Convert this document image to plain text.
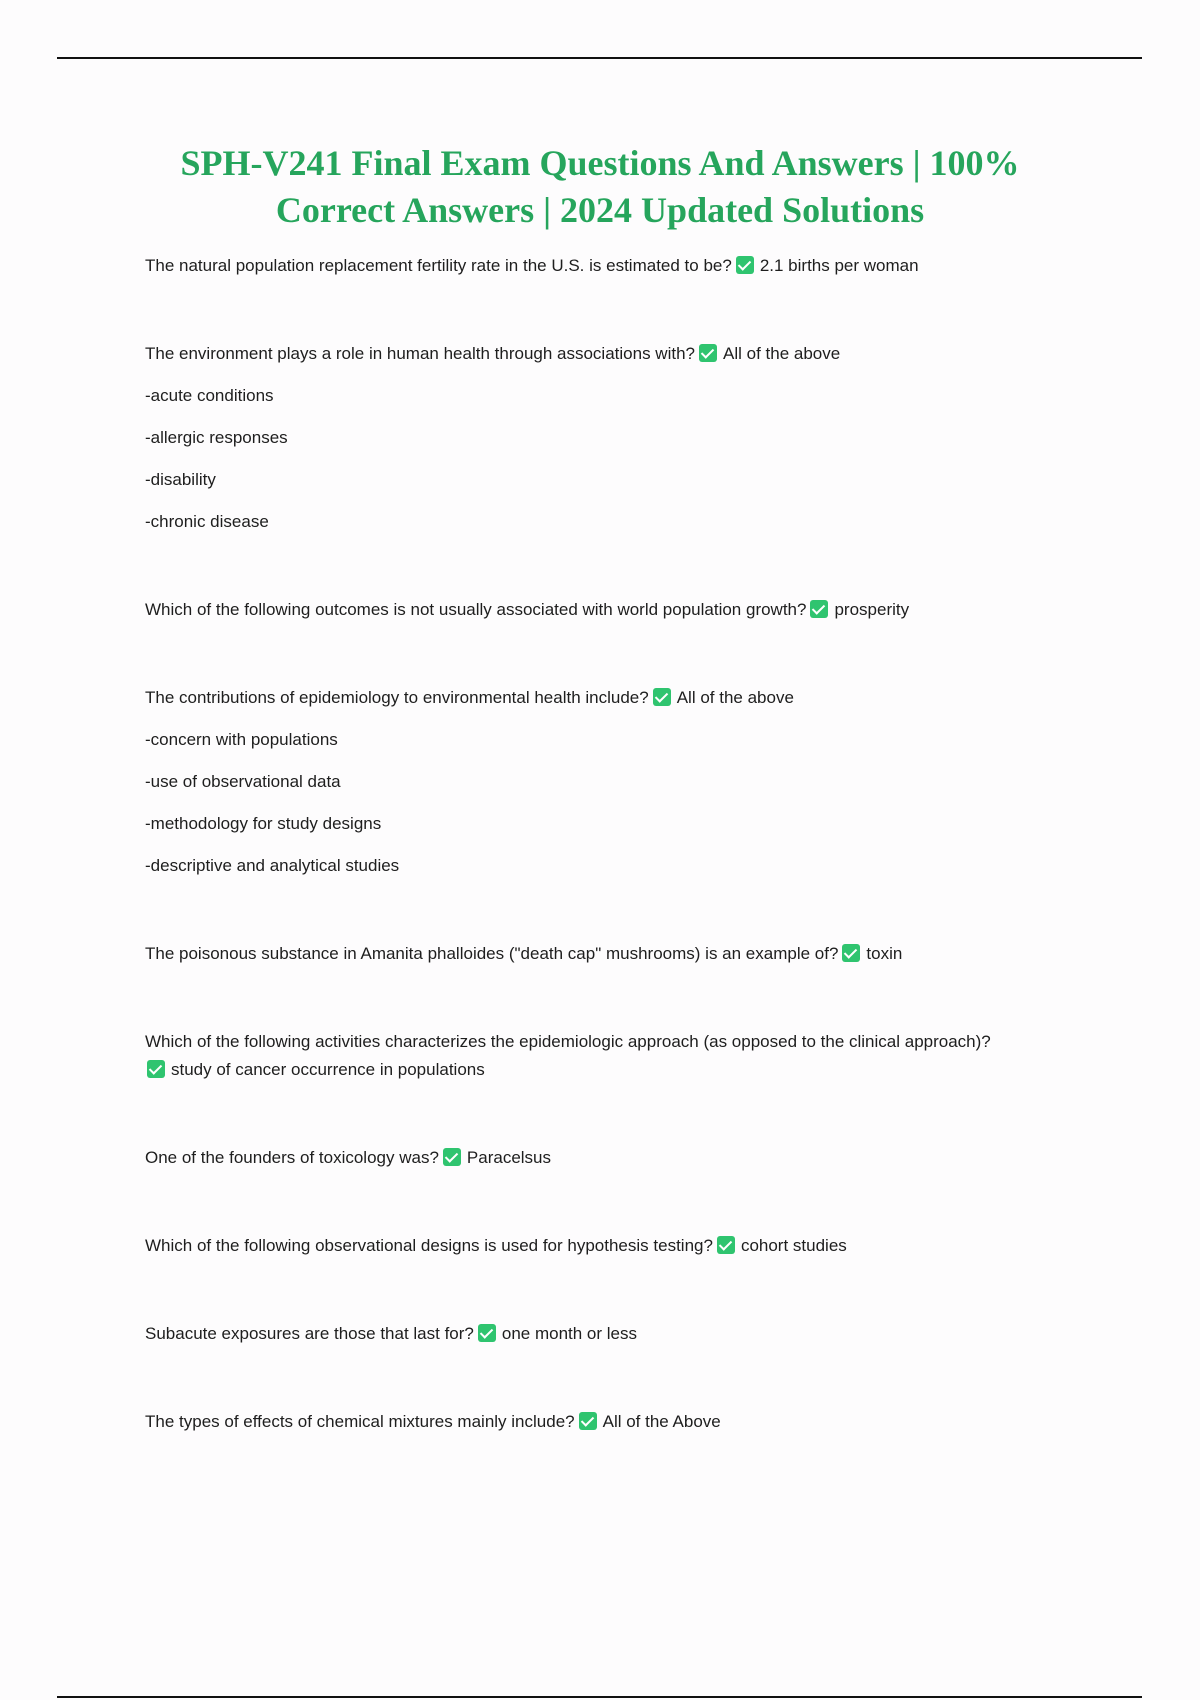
SPH-V241 Final Exam Questions And Answers | 100%
Correct Answers | 2024 Updated Solutions
The natural population replacement fertility rate in the U.S. is estimated to be? 2.1 births per woman
The environment plays a role in human health through associations with? All of the above
-acute conditions
-allergic responses
-disability
-chronic disease
Which of the following outcomes is not usually associated with world population growth? prosperity
The contributions of epidemiology to environmental health include? All of the above
-concern with populations
-use of observational data
-methodology for study designs
-descriptive and analytical studies
The poisonous substance in Amanita phalloides ("death cap" mushrooms) is an example of? toxin
Which of the following activities characterizes the epidemiologic approach (as opposed to the clinical approach)?
study of cancer occurrence in populations
One of the founders of toxicology was? Paracelsus
Which of the following observational designs is used for hypothesis testing? cohort studies
Subacute exposures are those that last for? one month or less
The types of effects of chemical mixtures mainly include? All of the Above
